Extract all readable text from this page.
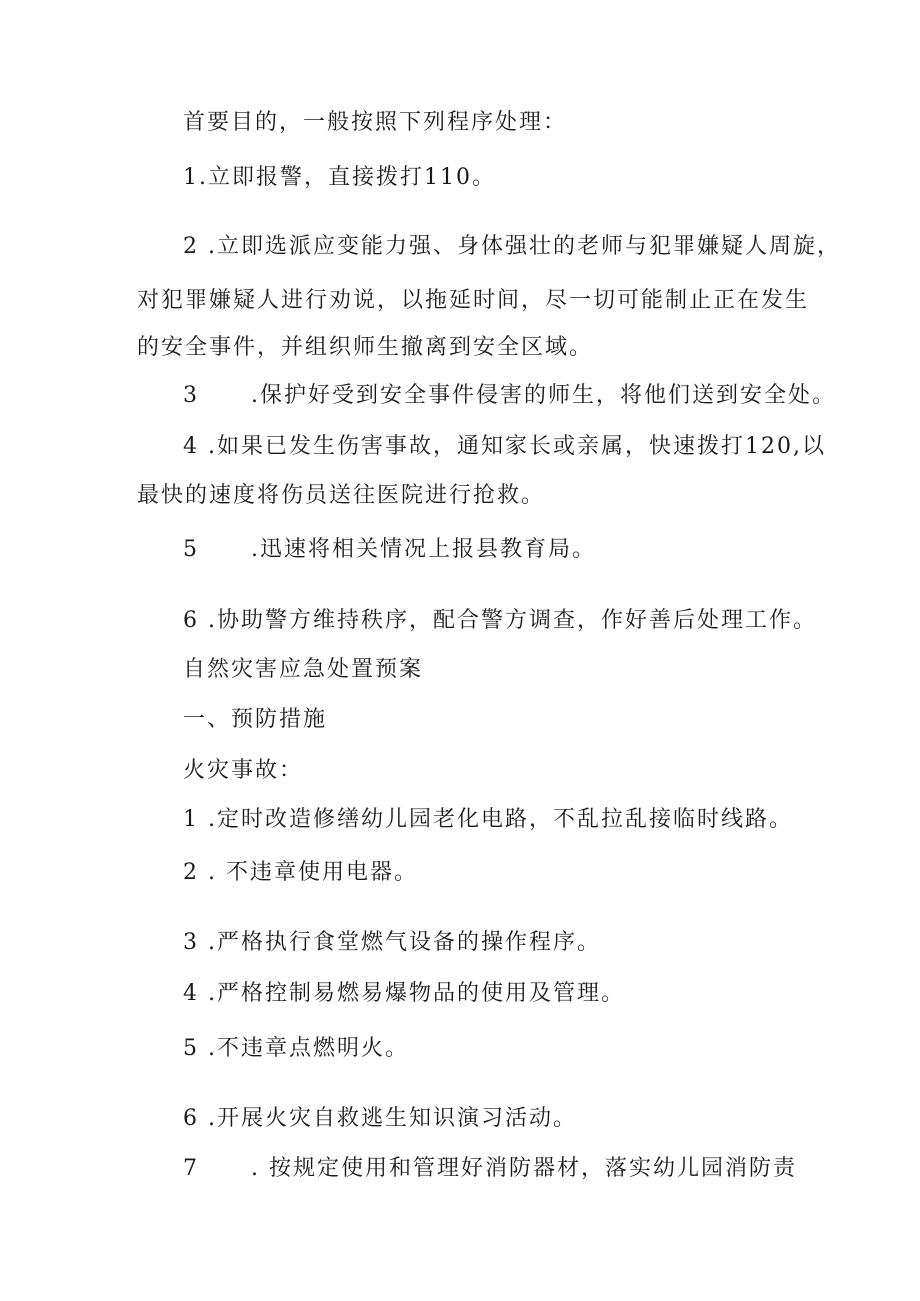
首要目的，一般按照下列程序处理：
1.立即报警，直接拨打110。
2 .立即选派应变能力强、身体强壮的老师与犯罪嫌疑人周旋，
对犯罪嫌疑人进行劝说，以拖延时间，尽一切可能制止正在发生
的安全事件，并组织师生撤离到安全区域。
3 .保护好受到安全事件侵害的师生，将他们送到安全处。
4 .如果已发生伤害事故，通知家长或亲属，快速拨打120,以
最快的速度将伤员送往医院进行抢救。
5 .迅速将相关情况上报县教育局。
6 .协助警方维持秩序，配合警方调查，作好善后处理工作。
自然灾害应急处置预案
一、预防措施
火灾事故：
1 .定时改造修缮幼儿园老化电路，不乱拉乱接临时线路。
2 . 不违章使用电器。
3 .严格执行食堂燃气设备的操作程序。
4 .严格控制易燃易爆物品的使用及管理。
5 .不违章点燃明火。
6 .开展火灾自救逃生知识演习活动。
7 . 按规定使用和管理好消防器材，落实幼儿园消防责
